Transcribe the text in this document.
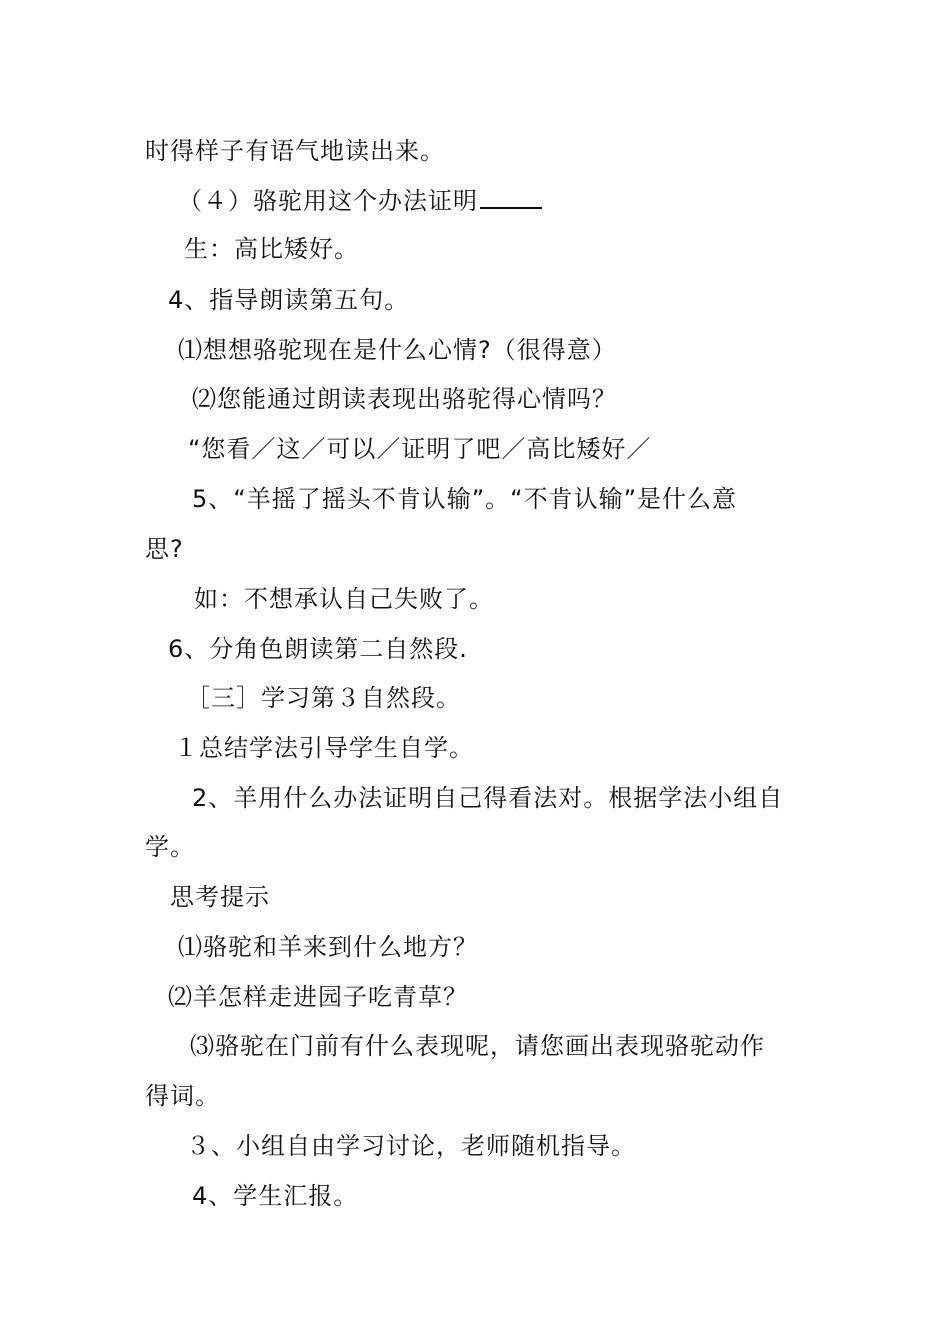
时得样子有语气地读出来。
（４）骆驼用这个办法证明
生：高比矮好。
4、指导朗读第五句。
⑴想想骆驼现在是什么心情?（很得意）
⑵您能通过朗读表现出骆驼得心情吗？
“您看／这／可以／证明了吧／高比矮好／
5、“羊摇了摇头不肯认输”。“不肯认输”是什么意
思?
如：不想承认自己失败了。
6、分角色朗读第二自然段.
［三］学习第３自然段。
１总结学法引导学生自学。
2、羊用什么办法证明自己得看法对。根据学法小组自
学。
思考提示
⑴骆驼和羊来到什么地方？
⑵羊怎样走进园子吃青草？
⑶骆驼在门前有什么表现呢，请您画出表现骆驼动作
得词。
３、小组自由学习讨论，老师随机指导。
4、学生汇报。
